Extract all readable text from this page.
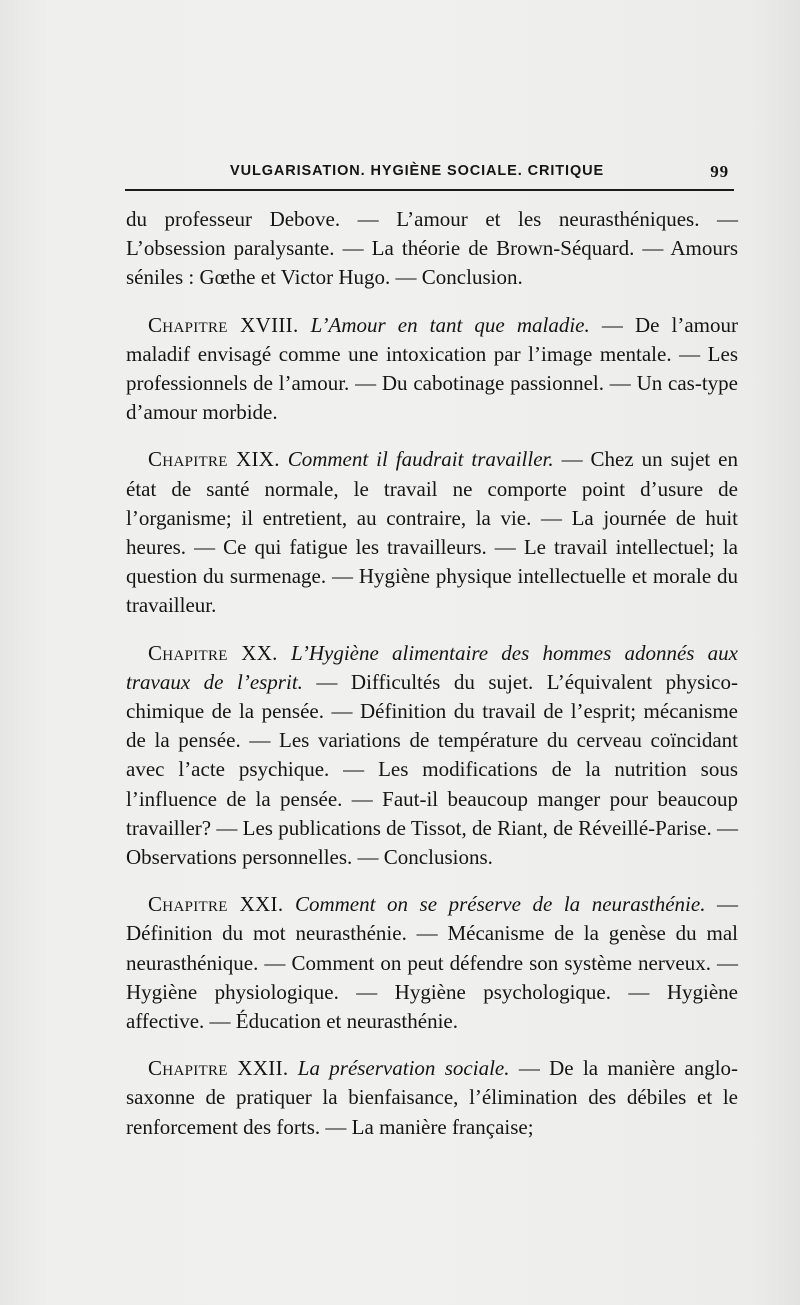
VULGARISATION. HYGIÈNE SOCIALE. CRITIQUE	99

du professeur Debove. — L’amour et les neurasthéniques. — L’obsession paralysante. — La théorie de Brown-Séquard. — Amours séniles : Gœthe et Victor Hugo. — Conclusion.

Chapitre XVIII. L’Amour en tant que maladie. — De l’amour maladif envisagé comme une intoxication par l’image mentale. — Les professionnels de l’amour. — Du cabotinage passionnel. — Un cas-type d’amour morbide.

Chapitre XIX. Comment il faudrait travailler. — Chez un sujet en état de santé normale, le travail ne comporte point d’usure de l’organisme; il entretient, au contraire, la vie. — La journée de huit heures. — Ce qui fatigue les travailleurs. — Le travail intellectuel; la question du surmenage. — Hygiène physique intellectuelle et morale du travailleur.

Chapitre XX. L’Hygiène alimentaire des hommes adonnés aux travaux de l’esprit. — Difficultés du sujet. L’équivalent physico-chimique de la pensée. — Définition du travail de l’esprit; mécanisme de la pensée. — Les variations de température du cerveau coïncidant avec l’acte psychique. — Les modifications de la nutrition sous l’influence de la pensée. — Faut-il beaucoup manger pour beaucoup travailler? — Les publications de Tissot, de Riant, de Réveillé-Parise. — Observations personnelles. — Conclusions.

Chapitre XXI. Comment on se préserve de la neurasthénie. — Définition du mot neurasthénie. — Mécanisme de la genèse du mal neurasthénique. — Comment on peut défendre son système nerveux. — Hygiène physiologique. — Hygiène psychologique. — Hygiène affective. — Éducation et neurasthénie.

Chapitre XXII. La préservation sociale. — De la manière anglo-saxonne de pratiquer la bienfaisance, l’élimination des débiles et le renforcement des forts. — La manière française;
